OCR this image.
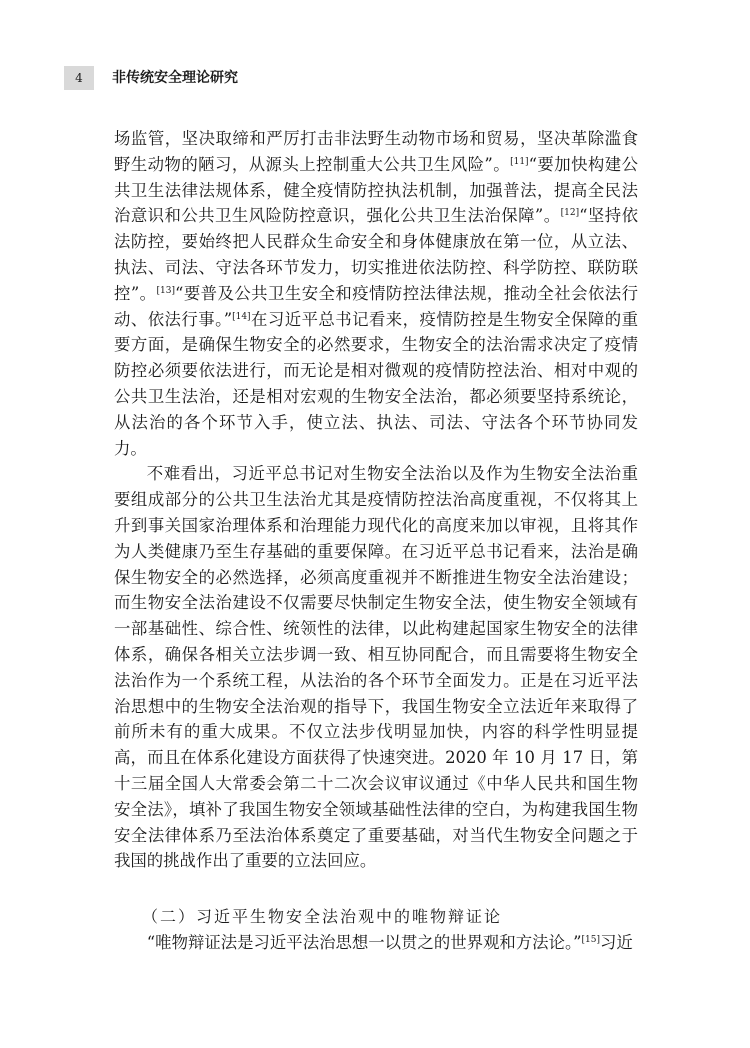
4	非传统安全理论研究

场监管，坚决取缔和严厉打击非法野生动物市场和贸易，坚决革除滥食野生动物的陋习，从源头上控制重大公共卫生风险”。[11]“要加快构建公共卫生法律法规体系，健全疫情防控执法机制，加强普法，提高全民法治意识和公共卫生风险防控意识，强化公共卫生法治保障”。[12]“坚持依法防控，要始终把人民群众生命安全和身体健康放在第一位，从立法、执法、司法、守法各环节发力，切实推进依法防控、科学防控、联防联控”。[13]“要普及公共卫生安全和疫情防控法律法规，推动全社会依法行动、依法行事。”[14]在习近平总书记看来，疫情防控是生物安全保障的重要方面，是确保生物安全的必然要求，生物安全的法治需求决定了疫情防控必须要依法进行，而无论是相对微观的疫情防控法治、相对中观的公共卫生法治，还是相对宏观的生物安全法治，都必须要坚持系统论，从法治的各个环节入手，使立法、执法、司法、守法各个环节协同发力。

不难看出，习近平总书记对生物安全法治以及作为生物安全法治重要组成部分的公共卫生法治尤其是疫情防控法治高度重视，不仅将其上升到事关国家治理体系和治理能力现代化的高度来加以审视，且将其作为人类健康乃至生存基础的重要保障。在习近平总书记看来，法治是确保生物安全的必然选择，必须高度重视并不断推进生物安全法治建设；而生物安全法治建设不仅需要尽快制定生物安全法，使生物安全领域有一部基础性、综合性、统领性的法律，以此构建起国家生物安全的法律体系，确保各相关立法步调一致、相互协同配合，而且需要将生物安全法治作为一个系统工程，从法治的各个环节全面发力。正是在习近平法治思想中的生物安全法治观的指导下，我国生物安全立法近年来取得了前所未有的重大成果。不仅立法步伐明显加快，内容的科学性明显提高，而且在体系化建设方面获得了快速突进。2020 年 10 月 17 日，第十三届全国人大常委会第二十二次会议审议通过《中华人民共和国生物安全法》，填补了我国生物安全领域基础性法律的空白，为构建我国生物安全法律体系乃至法治体系奠定了重要基础，对当代生物安全问题之于我国的挑战作出了重要的立法回应。

（二）习近平生物安全法治观中的唯物辩证论

“唯物辩证法是习近平法治思想一以贯之的世界观和方法论。”[15]习近
